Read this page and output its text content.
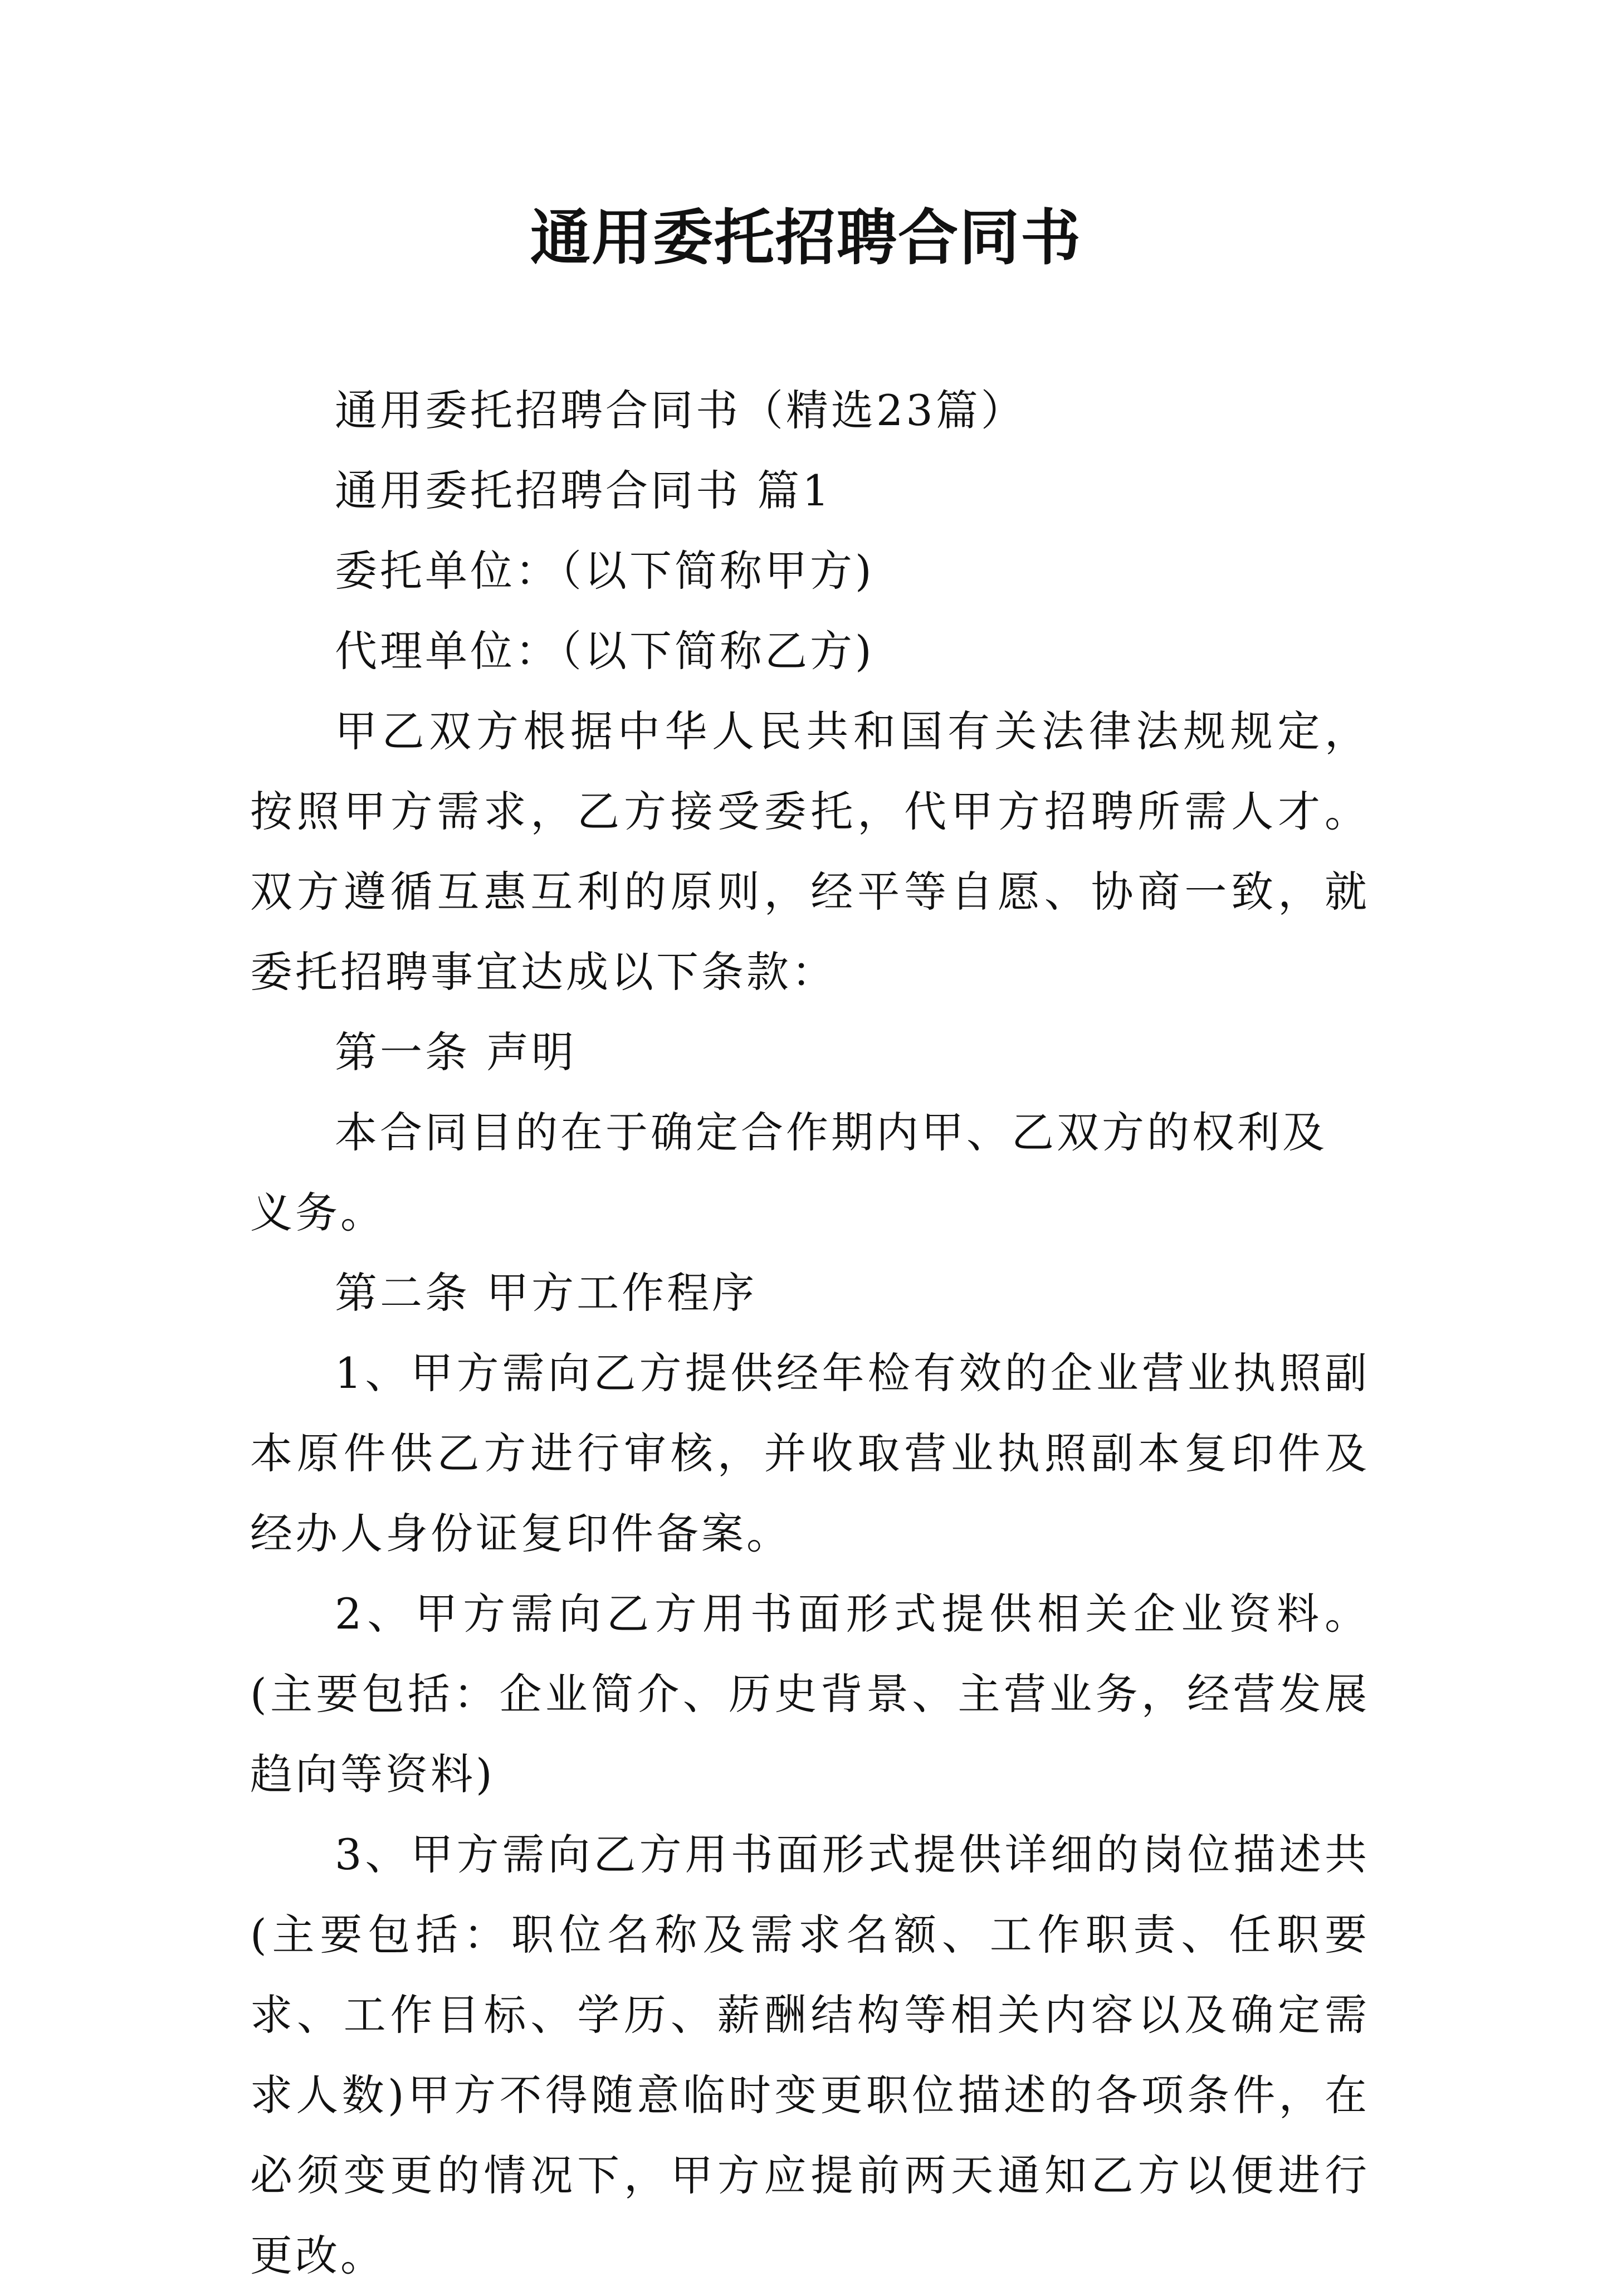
通用委托招聘合同书

通用委托招聘合同书（精选23篇）

通用委托招聘合同书 篇1

委托单位：（以下简称甲方)

代理单位：（以下简称乙方)

甲乙双方根据中华人民共和国有关法律法规规定，按照甲方需求，乙方接受委托，代甲方招聘所需人才。双方遵循互惠互利的原则，经平等自愿、协商一致，就委托招聘事宜达成以下条款：

第一条 声明

本合同目的在于确定合作期内甲、乙双方的权利及义务。

第二条 甲方工作程序

1、甲方需向乙方提供经年检有效的企业营业执照副本原件供乙方进行审核，并收取营业执照副本复印件及经办人身份证复印件备案。

2、甲方需向乙方用书面形式提供相关企业资料。(主要包括：企业简介、历史背景、主营业务，经营发展趋向等资料)

3、甲方需向乙方用书面形式提供详细的岗位描述共(主要包括：职位名称及需求名额、工作职责、任职要求、工作目标、学历、薪酬结构等相关内容以及确定需求人数)甲方不得随意临时变更职位描述的各项条件，在必须变更的情况下，甲方应提前两天通知乙方以便进行更改。
